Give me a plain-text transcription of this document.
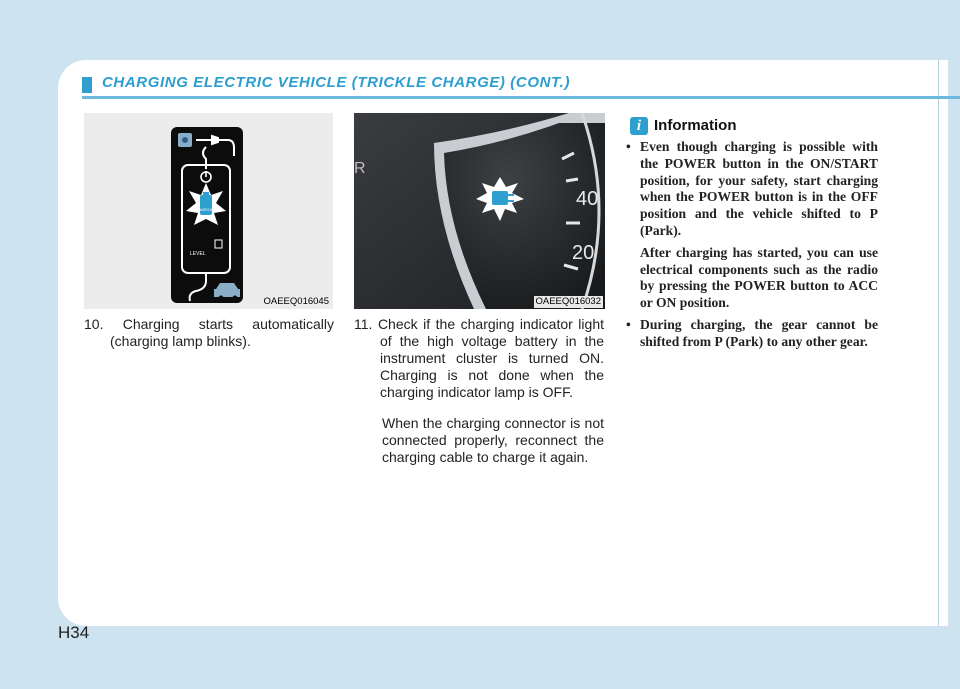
CHARGING ELECTRIC VEHICLE (TRICKLE CHARGE) (CONT.)
CHARGING
LEVEL
OAEEQ016045
R
40
20
OAEEQ016032
10. Charging starts automatically (charging lamp blinks).
11. Check if the charging indicator light of the high voltage battery in the instrument cluster is turned ON. Charging is not done when the charging indicator lamp is OFF.
When the charging connector is not connected properly, reconnect the charging cable to charge it again.
i Information
• Even though charging is possible with the POWER button in the ON/START position, for your safety, start charging when the POWER button is in the OFF position and the vehicle shifted to P (Park).

After charging has started, you can use electrical components such as the radio by pressing the POWER button to ACC or ON position.

• During charging, the gear cannot be shifted from P (Park) to any other gear.

H34
